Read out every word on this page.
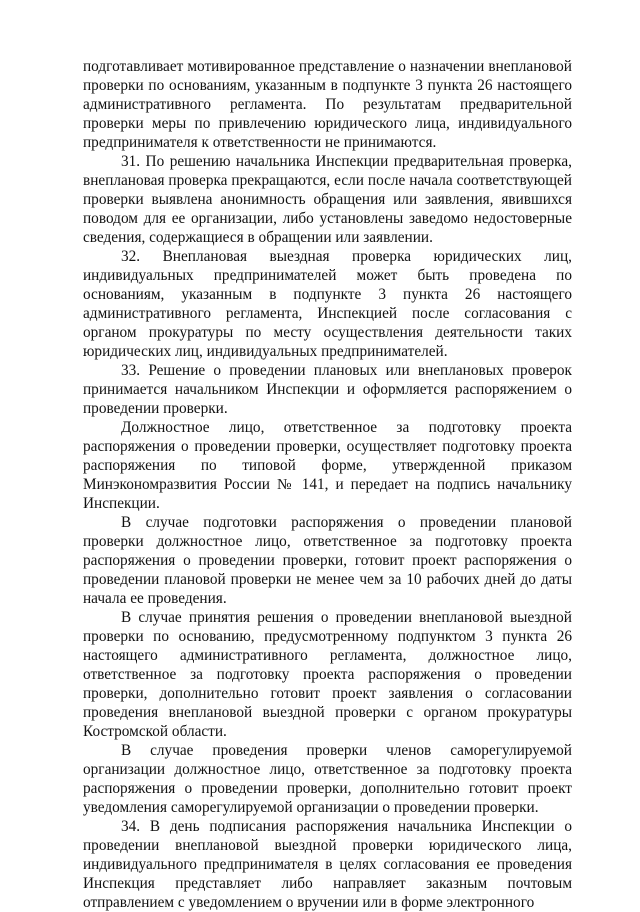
подготавливает мотивированное представление о назначении внеплановой проверки по основаниям, указанным в подпункте 3 пункта 26 настоящего административного регламента. По результатам предварительной проверки меры по привлечению юридического лица, индивидуального предпринимателя к ответственности не принимаются.

31. По решению начальника Инспекции предварительная проверка, внеплановая проверка прекращаются, если после начала соответствующей проверки выявлена анонимность обращения или заявления, явившихся поводом для ее организации, либо установлены заведомо недостоверные сведения, содержащиеся в обращении или заявлении.

32. Внеплановая выездная проверка юридических лиц, индивидуальных предпринимателей может быть проведена по основаниям, указанным в подпункте 3 пункта 26 настоящего административного регламента, Инспекцией после согласования с органом прокуратуры по месту осуществления деятельности таких юридических лиц, индивидуальных предпринимателей.

33. Решение о проведении плановых или внеплановых проверок принимается начальником Инспекции и оформляется распоряжением о проведении проверки.

Должностное лицо, ответственное за подготовку проекта распоряжения о проведении проверки, осуществляет подготовку проекта распоряжения по типовой форме, утвержденной приказом Минэкономразвития России № 141, и передает на подпись начальнику Инспекции.

В случае подготовки распоряжения о проведении плановой проверки должностное лицо, ответственное за подготовку проекта распоряжения о проведении проверки, готовит проект распоряжения о проведении плановой проверки не менее чем за 10 рабочих дней до даты начала ее проведения.

В случае принятия решения о проведении внеплановой выездной проверки по основанию, предусмотренному подпунктом 3 пункта 26 настоящего административного регламента, должностное лицо, ответственное за подготовку проекта распоряжения о проведении проверки, дополнительно готовит проект заявления о согласовании проведения внеплановой выездной проверки с органом прокуратуры Костромской области.

В случае проведения проверки членов саморегулируемой организации должностное лицо, ответственное за подготовку проекта распоряжения о проведении проверки, дополнительно готовит проект уведомления саморегулируемой организации о проведении проверки.

34. В день подписания распоряжения начальника Инспекции о проведении внеплановой выездной проверки юридического лица, индивидуального предпринимателя в целях согласования ее проведения Инспекция представляет либо направляет заказным почтовым отправлением с уведомлением о вручении или в форме электронного
